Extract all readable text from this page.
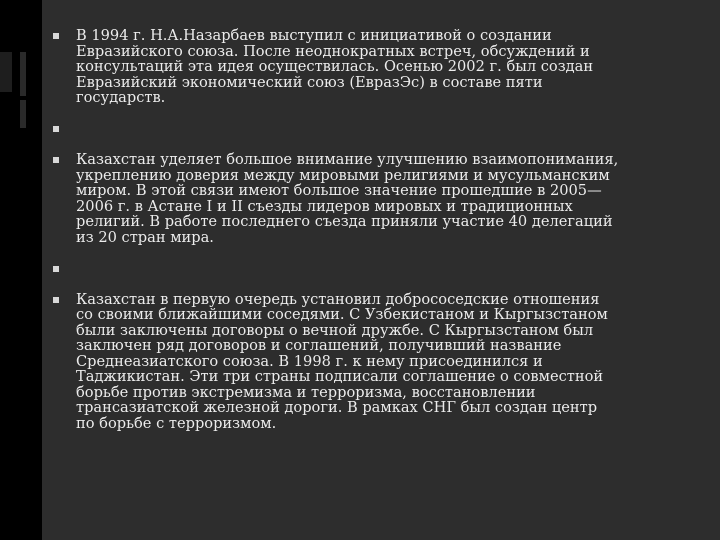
В 1994 г. Н.А.Назарбаев выступил с инициативой о создании
Евразийского союза. После неоднократных встреч, обсуждений и
консультаций эта идея осуществилась. Осенью 2002 г. был создан
Евразийский экономический союз (ЕвразЭс) в составе пяти
государств.
Казахстан уделяет большое внимание улучшению взаимопонимания,
укреплению доверия между мировыми религиями и мусульманским
миром. В этой связи имеют большое значение прошедшие в 2005—
2006 г. в Астане I и II съезды лидеров мировых и традиционных
религий. В работе последнего съезда приняли участие 40 делегаций
из 20 стран мира.
Казахстан в первую очередь установил добрососедские отношения
со своими ближайшими соседями. С Узбекистаном и Кыргызстаном
были заключены договоры о вечной дружбе. С Кыргызстаном был
заключен ряд договоров и соглашений, получивший название
Среднеазиатского союза. В 1998 г. к нему присоединился и
Таджикистан. Эти три страны подписали соглашение о совместной
борьбе против экстремизма и терроризма, восстановлении
трансазиатской железной дороги. В рамках СНГ был создан центр
по борьбе с терроризмом.
